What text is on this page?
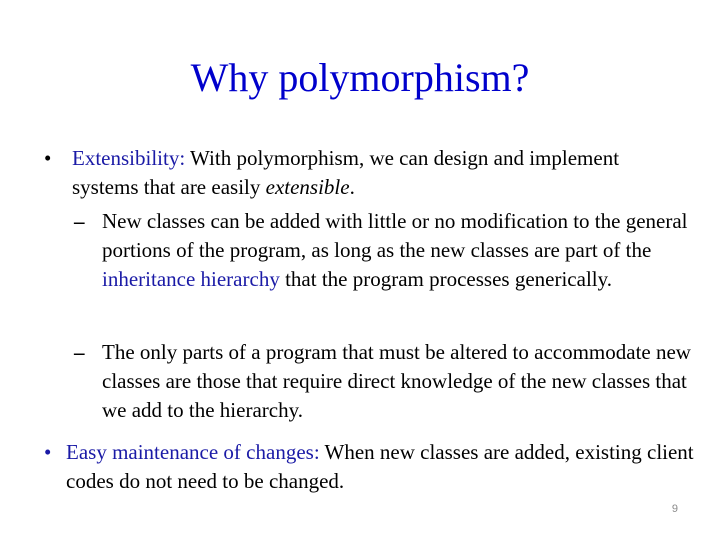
Why polymorphism?
• Extensibility: With polymorphism, we can design and implement systems that are easily extensible.
– New classes can be added with little or no modification to the general portions of the program, as long as the new classes are part of the inheritance hierarchy that the program processes generically.
– The only parts of a program that must be altered to accommodate new classes are those that require direct knowledge of the new classes that we add to the hierarchy.
• Easy maintenance of changes: When new classes are added, existing client codes do not need to be changed.
9
